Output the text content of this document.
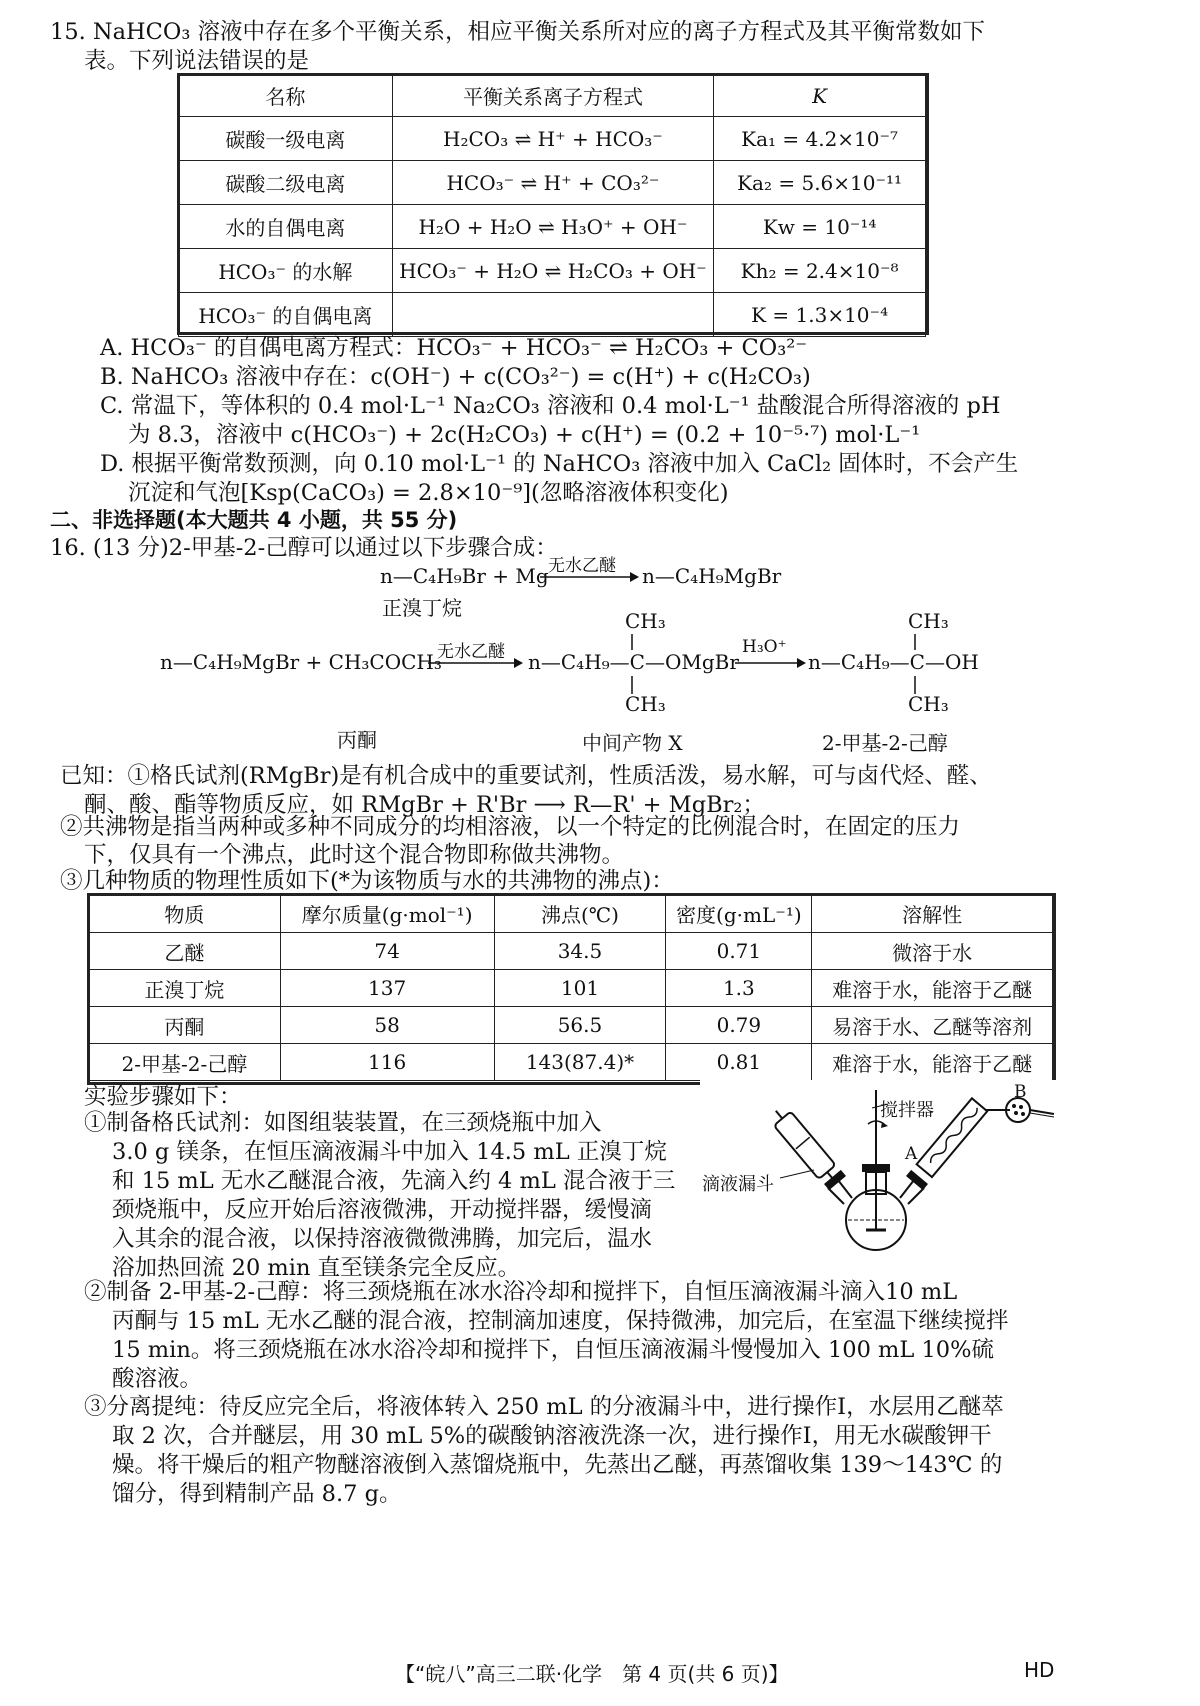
15. NaHCO₃ 溶液中存在多个平衡关系，相应平衡关系所对应的离子方程式及其平衡常数如下
表。下列说法错误的是
名称	平衡关系离子方程式	K
碳酸一级电离	H₂CO₃ ⇌ H⁺ + HCO₃⁻	Ka₁ = 4.2×10⁻⁷
碳酸二级电离	HCO₃⁻ ⇌ H⁺ + CO₃²⁻	Ka₂ = 5.6×10⁻¹¹
水的自偶电离	H₂O + H₂O ⇌ H₃O⁺ + OH⁻	Kw = 10⁻¹⁴
HCO₃⁻ 的水解	HCO₃⁻ + H₂O ⇌ H₂CO₃ + OH⁻	Kh₂ = 2.4×10⁻⁸
HCO₃⁻ 的自偶电离		K = 1.3×10⁻⁴
A. HCO₃⁻ 的自偶电离方程式：HCO₃⁻ + HCO₃⁻ ⇌ H₂CO₃ + CO₃²⁻
B. NaHCO₃ 溶液中存在：c(OH⁻) + c(CO₃²⁻) = c(H⁺) + c(H₂CO₃)
C. 常温下，等体积的 0.4 mol·L⁻¹ Na₂CO₃ 溶液和 0.4 mol·L⁻¹ 盐酸混合所得溶液的 pH
为 8.3，溶液中 c(HCO₃⁻) + 2c(H₂CO₃) + c(H⁺) = (0.2 + 10⁻⁵·⁷) mol·L⁻¹
D. 根据平衡常数预测，向 0.10 mol·L⁻¹ 的 NaHCO₃ 溶液中加入 CaCl₂ 固体时，不会产生
沉淀和气泡[Ksp(CaCO₃) = 2.8×10⁻⁹](忽略溶液体积变化)
二、非选择题(本大题共 4 小题，共 55 分)
16. (13 分)2-甲基-2-己醇可以通过以下步骤合成：
n—C₄H₉Br + Mg 无水乙醚 n—C₄H₉MgBr
正溴丁烷
n—C₄H₉MgBr + CH₃COCH₃
无水乙醚 n—C₄H₉—C—OMgBr
CH₃
CH₃
H₃O⁺
n—C₄H₉—C—OH
CH₃
CH₃
丙酮	中间产物 X	2-甲基-2-己醇
已知：①格氏试剂(RMgBr)是有机合成中的重要试剂，性质活泼，易水解，可与卤代烃、醛、
酮、酸、酯等物质反应，如 RMgBr + R'Br ⟶ R—R' + MgBr₂；
②共沸物是指当两种或多种不同成分的均相溶液，以一个特定的比例混合时，在固定的压力
下，仅具有一个沸点，此时这个混合物即称做共沸物。
③几种物质的物理性质如下(*为该物质与水的共沸物的沸点)：
物质	摩尔质量(g·mol⁻¹)	沸点(℃)	密度(g·mL⁻¹)	溶解性
乙醚	74	34.5	0.71	微溶于水
正溴丁烷	137	101	1.3	难溶于水，能溶于乙醚
丙酮	58	56.5	0.79	易溶于水、乙醚等溶剂
2-甲基-2-己醇	116	143(87.4)*	0.81	难溶于水，能溶于乙醚
实验步骤如下：
①制备格氏试剂：如图组装装置，在三颈烧瓶中加入
3.0 g 镁条，在恒压滴液漏斗中加入 14.5 mL 正溴丁烷
和 15 mL 无水乙醚混合液，先滴入约 4 mL 混合液于三
颈烧瓶中，反应开始后溶液微沸，开动搅拌器，缓慢滴
入其余的混合液，以保持溶液微微沸腾，加完后，温水
浴加热回流 20 min 直至镁条完全反应。
搅拌器
滴液漏斗
A
B
②制备 2-甲基-2-己醇：将三颈烧瓶在冰水浴冷却和搅拌下，自恒压滴液漏斗滴入10 mL
丙酮与 15 mL 无水乙醚的混合液，控制滴加速度，保持微沸，加完后，在室温下继续搅拌
15 min。将三颈烧瓶在冰水浴冷却和搅拌下，自恒压滴液漏斗慢慢加入 100 mL 10%硫
酸溶液。
③分离提纯：待反应完全后，将液体转入 250 mL 的分液漏斗中，进行操作Ⅰ，水层用乙醚萃
取 2 次，合并醚层，用 30 mL 5%的碳酸钠溶液洗涤一次，进行操作Ⅰ，用无水碳酸钾干
燥。将干燥后的粗产物醚溶液倒入蒸馏烧瓶中，先蒸出乙醚，再蒸馏收集 139～143℃ 的
馏分，得到精制产品 8.7 g。
【“皖八”高三二联·化学　第 4 页(共 6 页)】	HD
